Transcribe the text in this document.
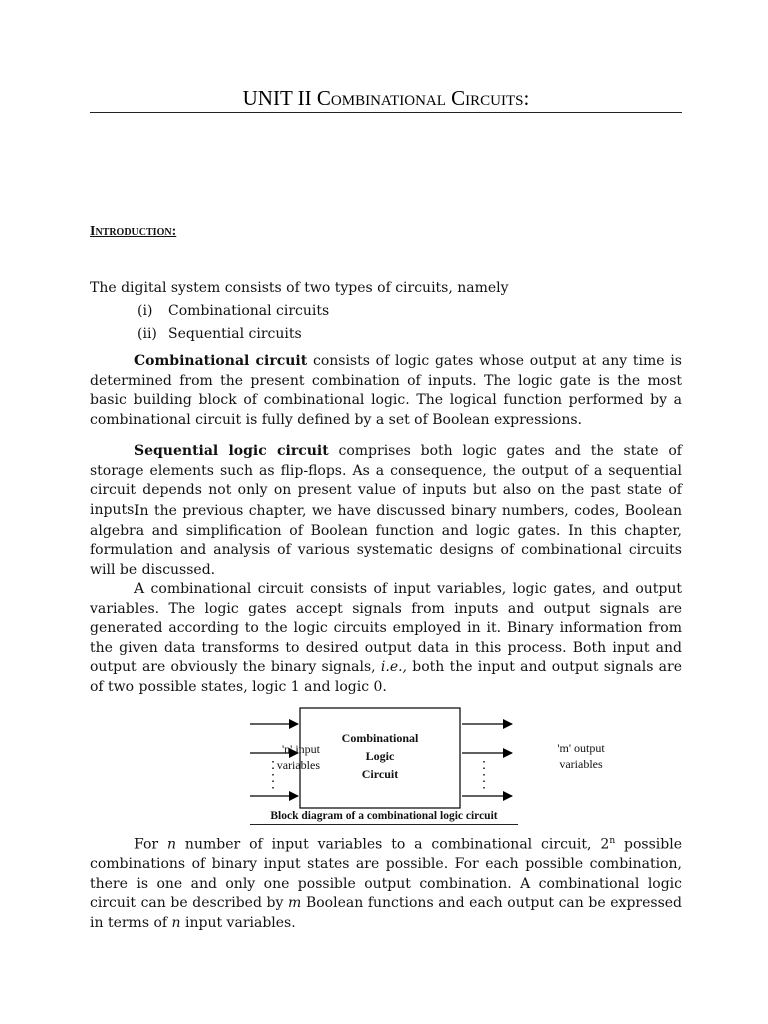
UNIT II Combinational Circuits:
Introduction:
The digital system consists of two types of circuits, namely
(i) Combinational circuits
(ii) Sequential circuits
Combinational circuit consists of logic gates whose output at any time is determined from the present combination of inputs. The logic gate is the most basic building block of combinational logic. The logical function performed by a combinational circuit is fully defined by a set of Boolean expressions.
Sequential logic circuit comprises both logic gates and the state of storage elements such as flip-flops. As a consequence, the output of a sequential circuit depends not only on present value of inputs but also on the past state of inputs.
In the previous chapter, we have discussed binary numbers, codes, Boolean algebra and simplification of Boolean function and logic gates. In this chapter, formulation and analysis of various systematic designs of combinational circuits will be discussed.
A combinational circuit consists of input variables, logic gates, and output variables. The logic gates accept signals from inputs and output signals are generated according to the logic circuits employed in it. Binary information from the given data transforms to desired output data in this process. Both input and output are obviously the binary signals, i.e., both the input and output signals are of two possible states, logic 1 and logic 0.
Combinational
Logic
Circuit
'n' input
variables
'm' output
variables
Block diagram of a combinational logic circuit
For n number of input variables to a combinational circuit, 2$^n$ possible combinations of binary input states are possible. For each possible combination, there is one and only one possible output combination. A combinational logic circuit can be described by m Boolean functions and each output can be expressed in terms of n input variables.
